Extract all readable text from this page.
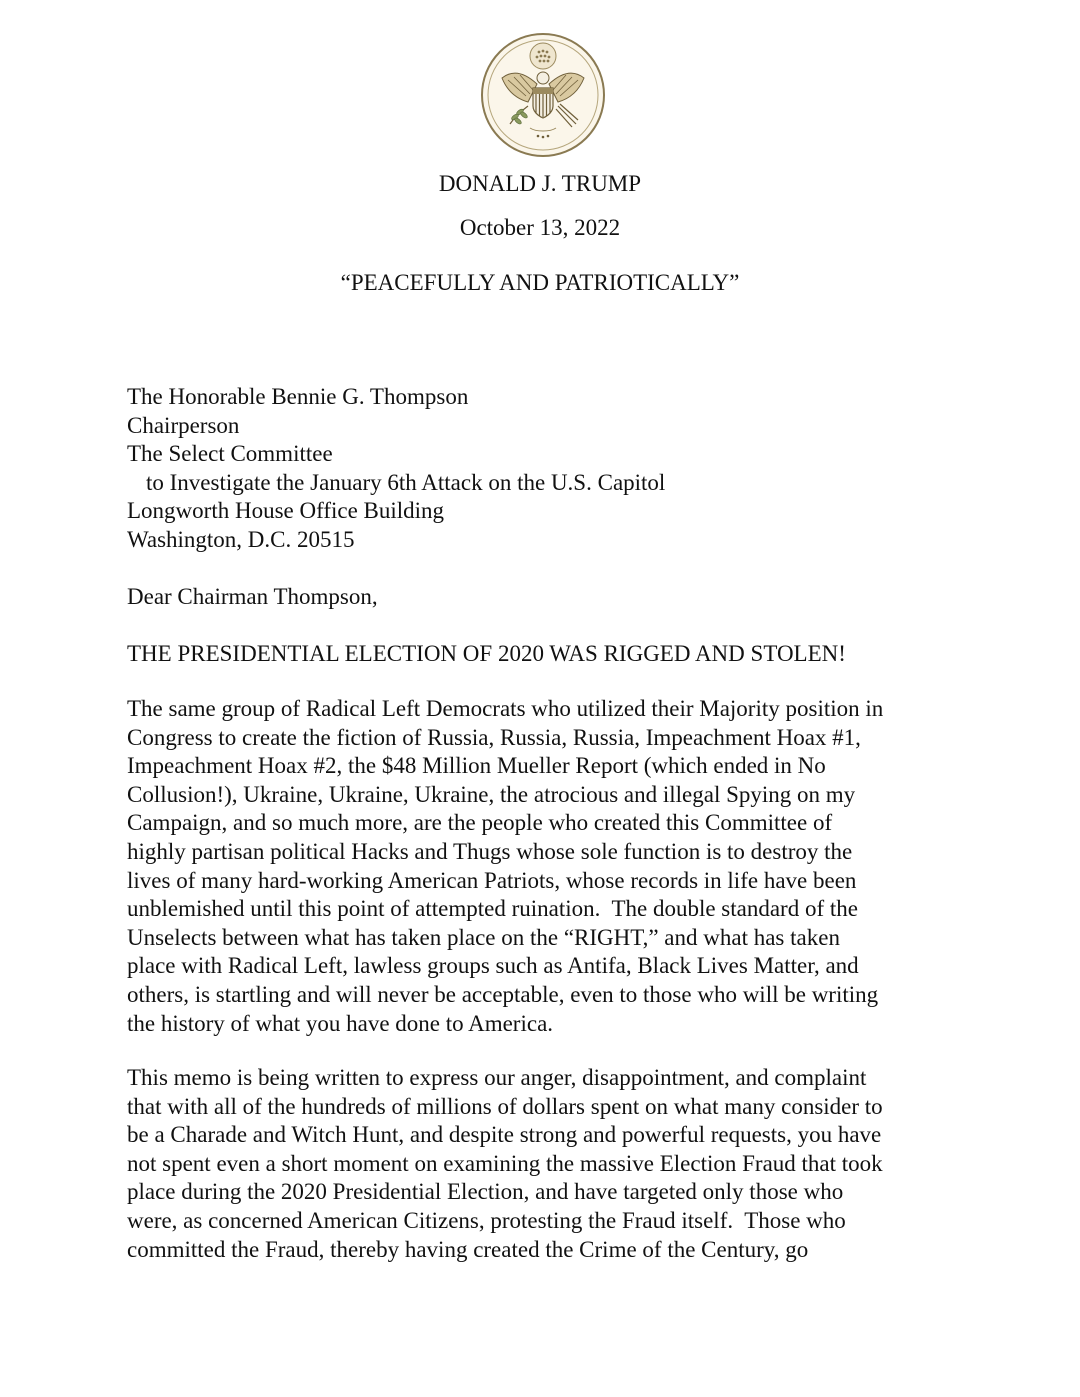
DONALD J. TRUMP
October 13, 2022
“PEACEFULLY AND PATRIOTICALLY”
The Honorable Bennie G. Thompson
Chairperson
The Select Committee
to Investigate the January 6th Attack on the U.S. Capitol
Longworth House Office Building
Washington, D.C. 20515
Dear Chairman Thompson,
THE PRESIDENTIAL ELECTION OF 2020 WAS RIGGED AND STOLEN!
The same group of Radical Left Democrats who utilized their Majority position in
Congress to create the fiction of Russia, Russia, Russia, Impeachment Hoax #1,
Impeachment Hoax #2, the $48 Million Mueller Report (which ended in No
Collusion!), Ukraine, Ukraine, Ukraine, the atrocious and illegal Spying on my
Campaign, and so much more, are the people who created this Committee of
highly partisan political Hacks and Thugs whose sole function is to destroy the
lives of many hard-working American Patriots, whose records in life have been
unblemished until this point of attempted ruination.  The double standard of the
Unselects between what has taken place on the “RIGHT,” and what has taken
place with Radical Left, lawless groups such as Antifa, Black Lives Matter, and
others, is startling and will never be acceptable, even to those who will be writing
the history of what you have done to America.
This memo is being written to express our anger, disappointment, and complaint
that with all of the hundreds of millions of dollars spent on what many consider to
be a Charade and Witch Hunt, and despite strong and powerful requests, you have
not spent even a short moment on examining the massive Election Fraud that took
place during the 2020 Presidential Election, and have targeted only those who
were, as concerned American Citizens, protesting the Fraud itself.  Those who
committed the Fraud, thereby having created the Crime of the Century, go
